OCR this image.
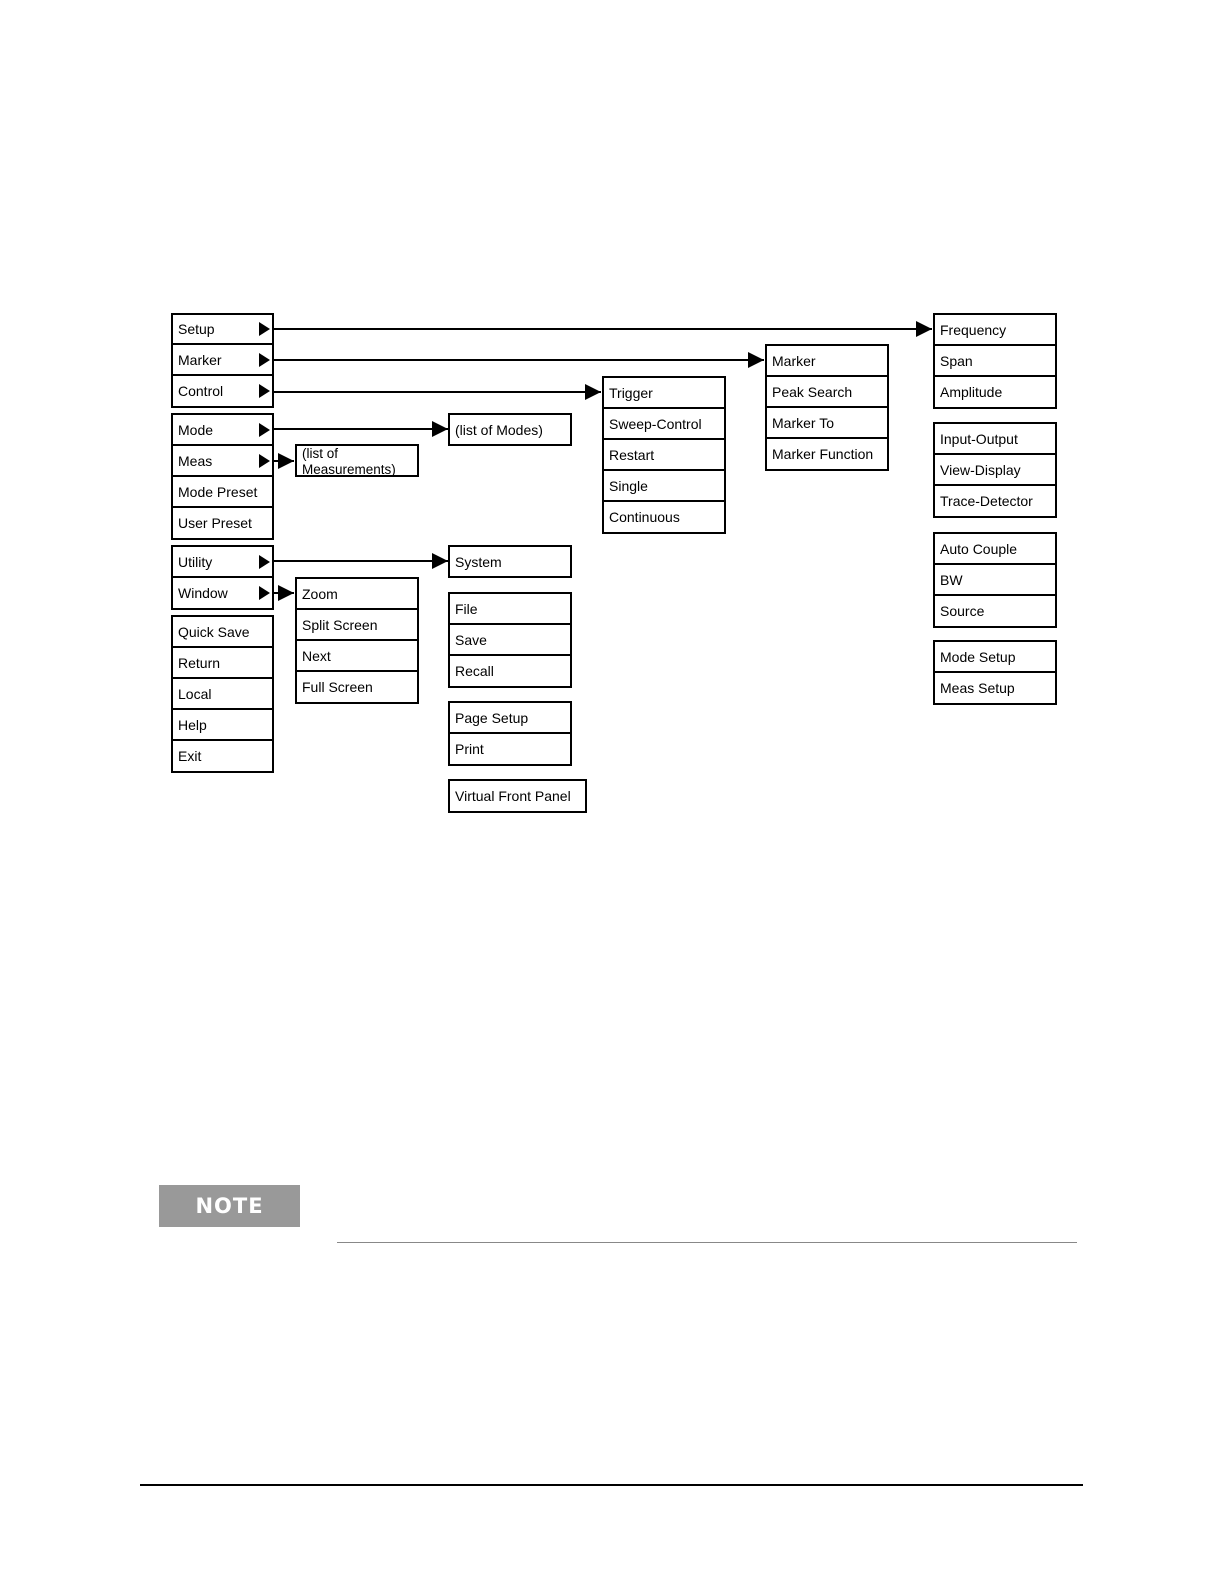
Setup
Marker
Control
Mode
Meas
Mode Preset
User Preset
Utility
Window
Quick Save
Return
Local
Help
Exit
(list of Measurements)
Zoom
Split Screen
Next
Full Screen
(list of Modes)
System
File
Save
Recall
Page Setup
Print
Virtual Front Panel
Trigger
Sweep-Control
Restart
Single
Continuous
Marker
Peak Search
Marker To
Marker Function
Frequency
Span
Amplitude
Input-Output
View-Display
Trace-Detector
Auto Couple
BW
Source
Mode Setup
Meas Setup
NOTE
